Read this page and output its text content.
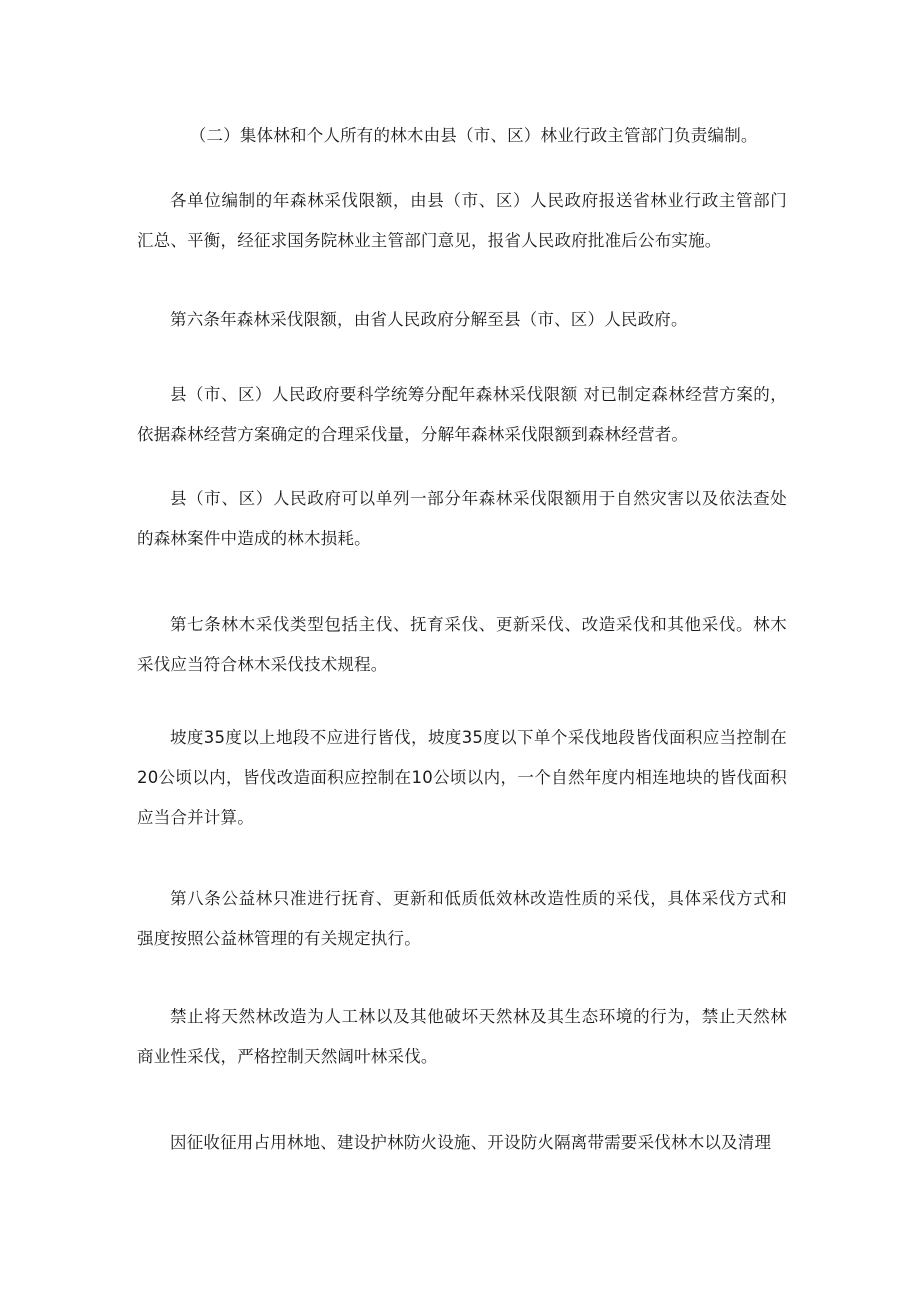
（二）集体林和个人所有的林木由县（市、区）林业行政主管部门负责编制。

各单位编制的年森林采伐限额，由县（市、区）人民政府报送省林业行政主管部门汇总、平衡，经征求国务院林业主管部门意见，报省人民政府批准后公布实施。

第六条年森林采伐限额，由省人民政府分解至县（市、区）人民政府。

县（市、区）人民政府要科学统筹分配年森林采伐限额 对已制定森林经营方案的，依据森林经营方案确定的合理采伐量，分解年森林采伐限额到森林经营者。

县（市、区）人民政府可以单列一部分年森林采伐限额用于自然灾害以及依法查处的森林案件中造成的林木损耗。

第七条林木采伐类型包括主伐、抚育采伐、更新采伐、改造采伐和其他采伐。林木采伐应当符合林木采伐技术规程。

坡度35度以上地段不应进行皆伐，坡度35度以下单个采伐地段皆伐面积应当控制在20公顷以内，皆伐改造面积应控制在10公顷以内，一个自然年度内相连地块的皆伐面积应当合并计算。

第八条公益林只准进行抚育、更新和低质低效林改造性质的采伐，具体采伐方式和强度按照公益林管理的有关规定执行。

禁止将天然林改造为人工林以及其他破坏天然林及其生态环境的行为，禁止天然林商业性采伐，严格控制天然阔叶林采伐。

因征收征用占用林地、建设护林防火设施、开设防火隔离带需要采伐林木以及清理
